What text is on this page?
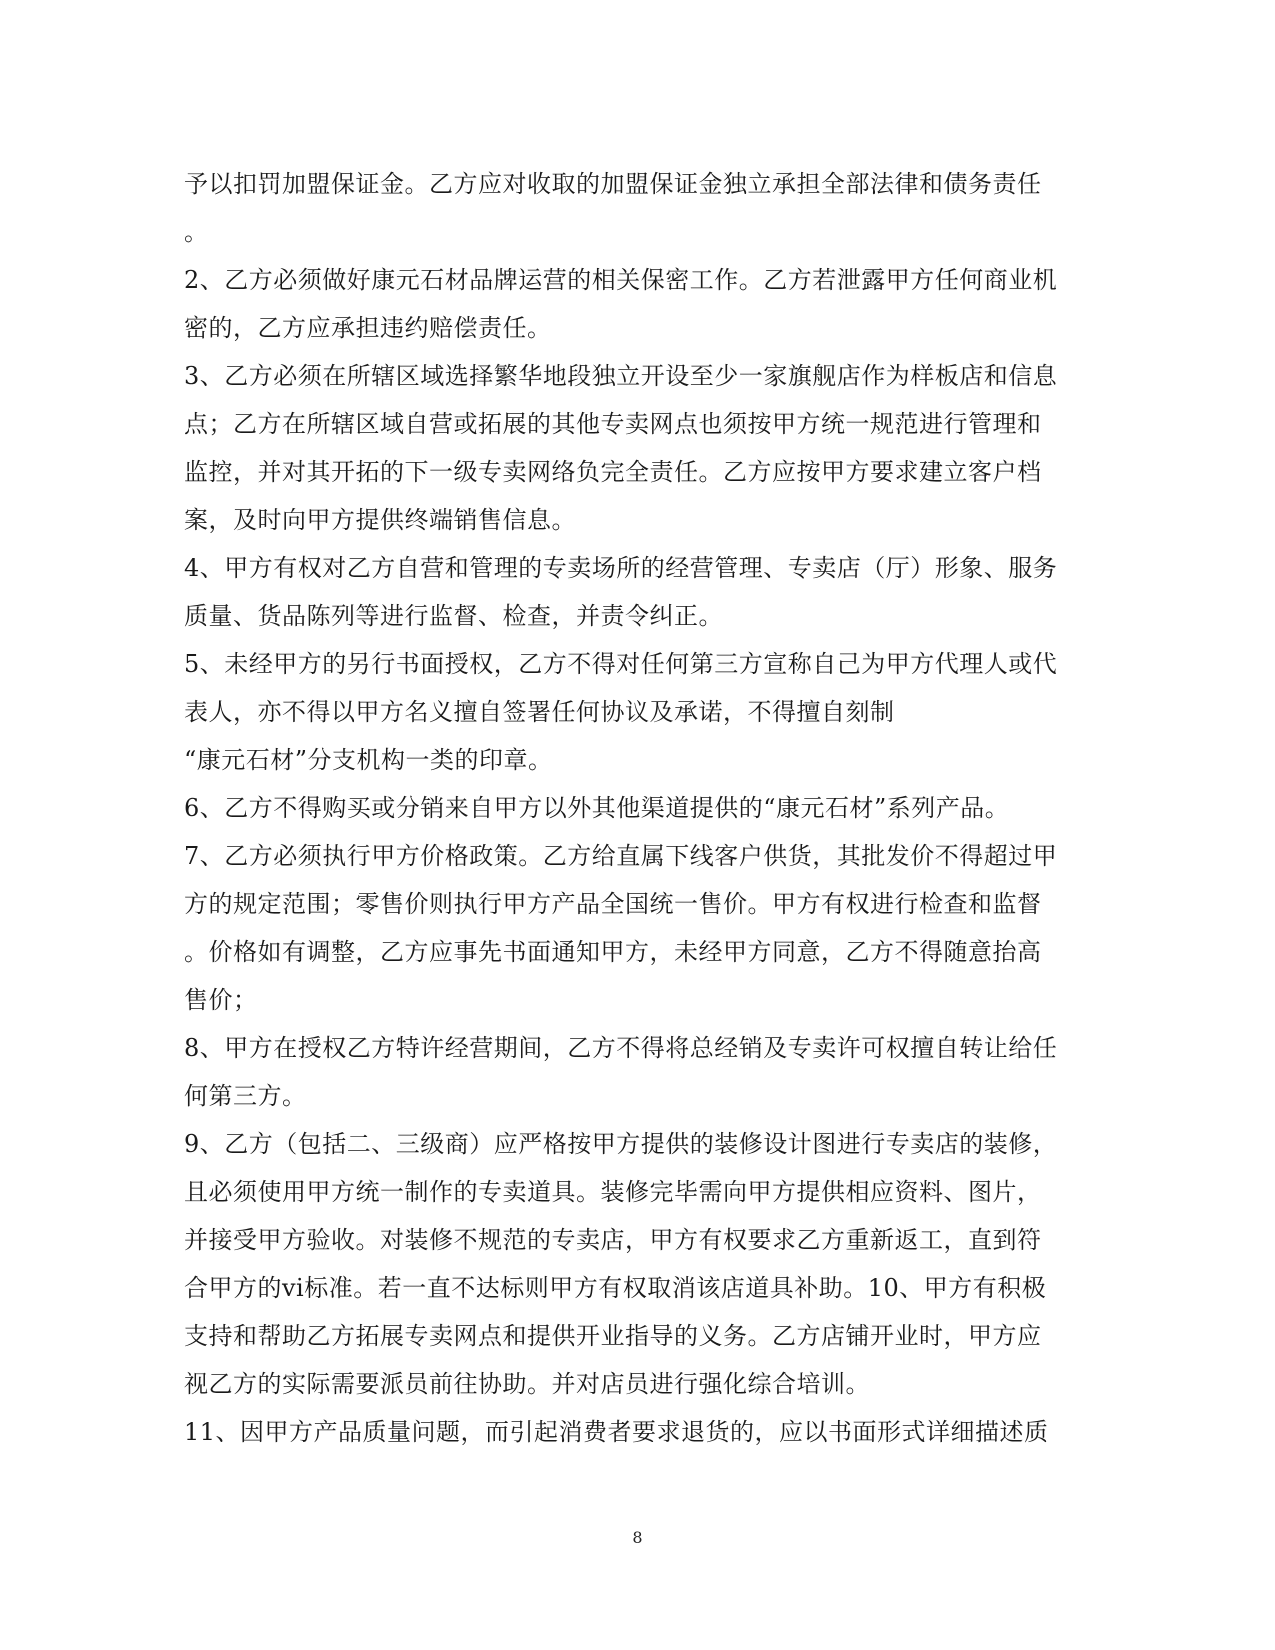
予以扣罚加盟保证金。乙方应对收取的加盟保证金独立承担全部法律和债务责任
。
2、乙方必须做好康元石材品牌运营的相关保密工作。乙方若泄露甲方任何商业机
密的，乙方应承担违约赔偿责任。
3、乙方必须在所辖区域选择繁华地段独立开设至少一家旗舰店作为样板店和信息
点；乙方在所辖区域自营或拓展的其他专卖网点也须按甲方统一规范进行管理和
监控，并对其开拓的下一级专卖网络负完全责任。乙方应按甲方要求建立客户档
案，及时向甲方提供终端销售信息。
4、甲方有权对乙方自营和管理的专卖场所的经营管理、专卖店（厅）形象、服务
质量、货品陈列等进行监督、检查，并责令纠正。
5、未经甲方的另行书面授权，乙方不得对任何第三方宣称自己为甲方代理人或代
表人，亦不得以甲方名义擅自签署任何协议及承诺，不得擅自刻制
“康元石材”分支机构一类的印章。
6、乙方不得购买或分销来自甲方以外其他渠道提供的“康元石材”系列产品。
7、乙方必须执行甲方价格政策。乙方给直属下线客户供货，其批发价不得超过甲
方的规定范围；零售价则执行甲方产品全国统一售价。甲方有权进行检查和监督
。价格如有调整，乙方应事先书面通知甲方，未经甲方同意，乙方不得随意抬高
售价；
8、甲方在授权乙方特许经营期间，乙方不得将总经销及专卖许可权擅自转让给任
何第三方。
9、乙方（包括二、三级商）应严格按甲方提供的装修设计图进行专卖店的装修，
且必须使用甲方统一制作的专卖道具。装修完毕需向甲方提供相应资料、图片，
并接受甲方验收。对装修不规范的专卖店，甲方有权要求乙方重新返工，直到符
合甲方的vi标准。若一直不达标则甲方有权取消该店道具补助。10、甲方有积极
支持和帮助乙方拓展专卖网点和提供开业指导的义务。乙方店铺开业时，甲方应
视乙方的实际需要派员前往协助。并对店员进行强化综合培训。
11、因甲方产品质量问题，而引起消费者要求退货的，应以书面形式详细描述质
8
